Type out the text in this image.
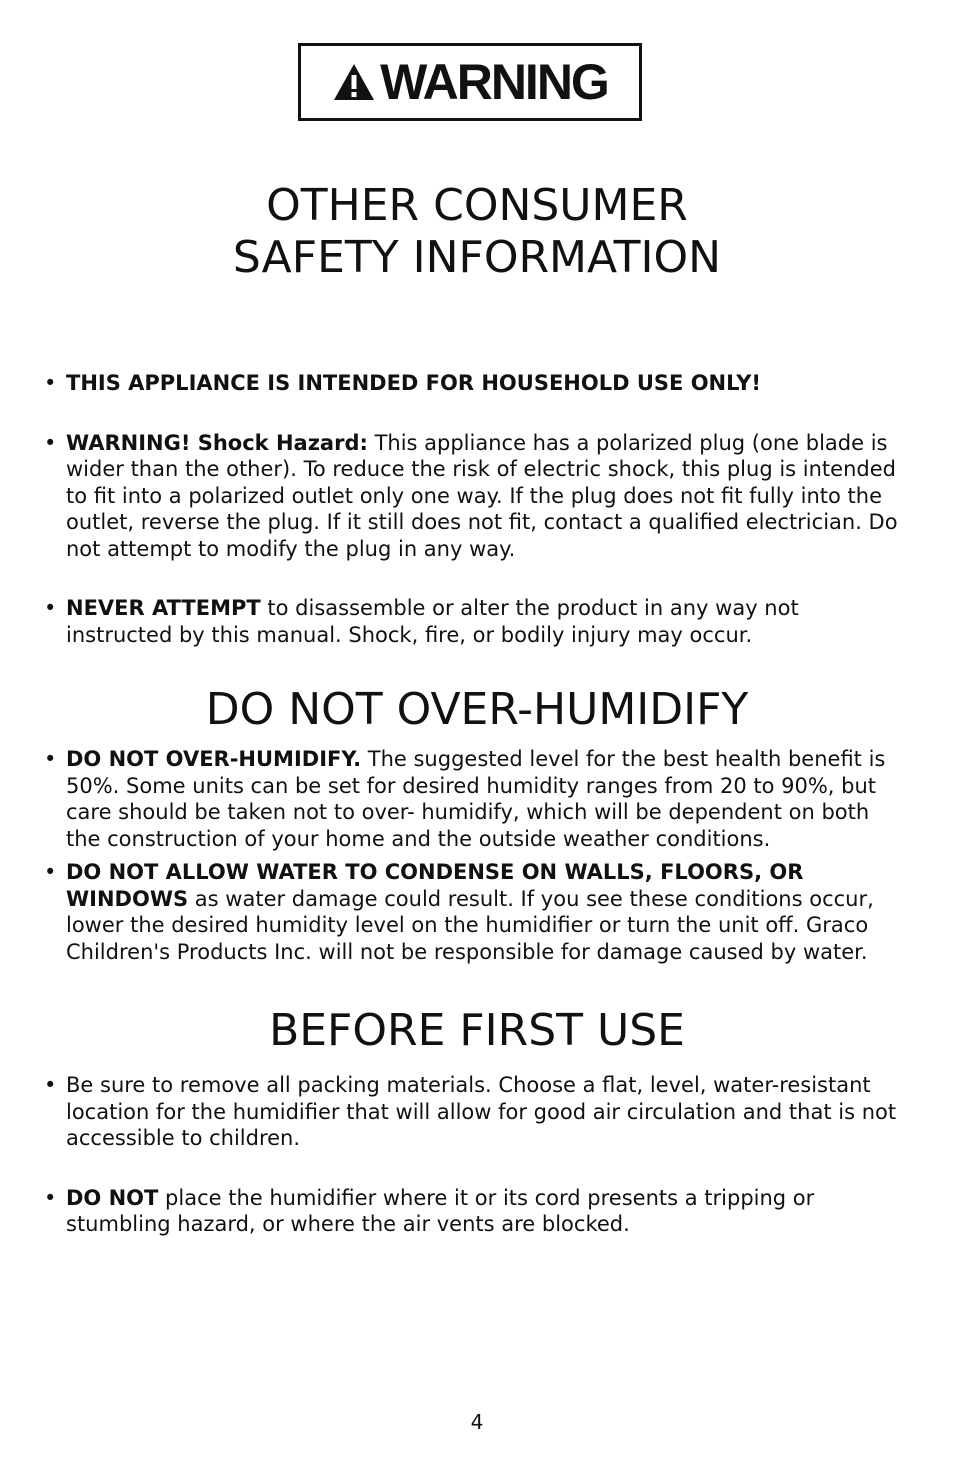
WARNING
OTHER CONSUMER
SAFETY INFORMATION
• THIS APPLIANCE IS INTENDED FOR HOUSEHOLD USE ONLY!
• WARNING! Shock Hazard: This appliance has a polarized plug (one blade is wider than the other). To reduce the risk of electric shock, this plug is intended to fit into a polarized outlet only one way. If the plug does not fit fully into the outlet, reverse the plug. If it still does not fit, contact a qualified electrician. Do not attempt to modify the plug in any way.
• NEVER ATTEMPT to disassemble or alter the product in any way not instructed by this manual. Shock, fire, or bodily injury may occur.
DO NOT OVER-HUMIDIFY
• DO NOT OVER-HUMIDIFY. The suggested level for the best health benefit is 50%. Some units can be set for desired humidity ranges from 20 to 90%, but care should be taken not to over- humidify, which will be dependent on both the construction of your home and the outside weather conditions.
• DO NOT ALLOW WATER TO CONDENSE ON WALLS, FLOORS, OR WINDOWS as water damage could result. If you see these conditions occur, lower the desired humidity level on the humidifier or turn the unit off. Graco Children's Products Inc. will not be responsible for damage caused by water.
BEFORE FIRST USE
• Be sure to remove all packing materials. Choose a flat, level, water-resistant location for the humidifier that will allow for good air circulation and that is not accessible to children.
• DO NOT place the humidifier where it or its cord presents a tripping or stumbling hazard, or where the air vents are blocked.
4
